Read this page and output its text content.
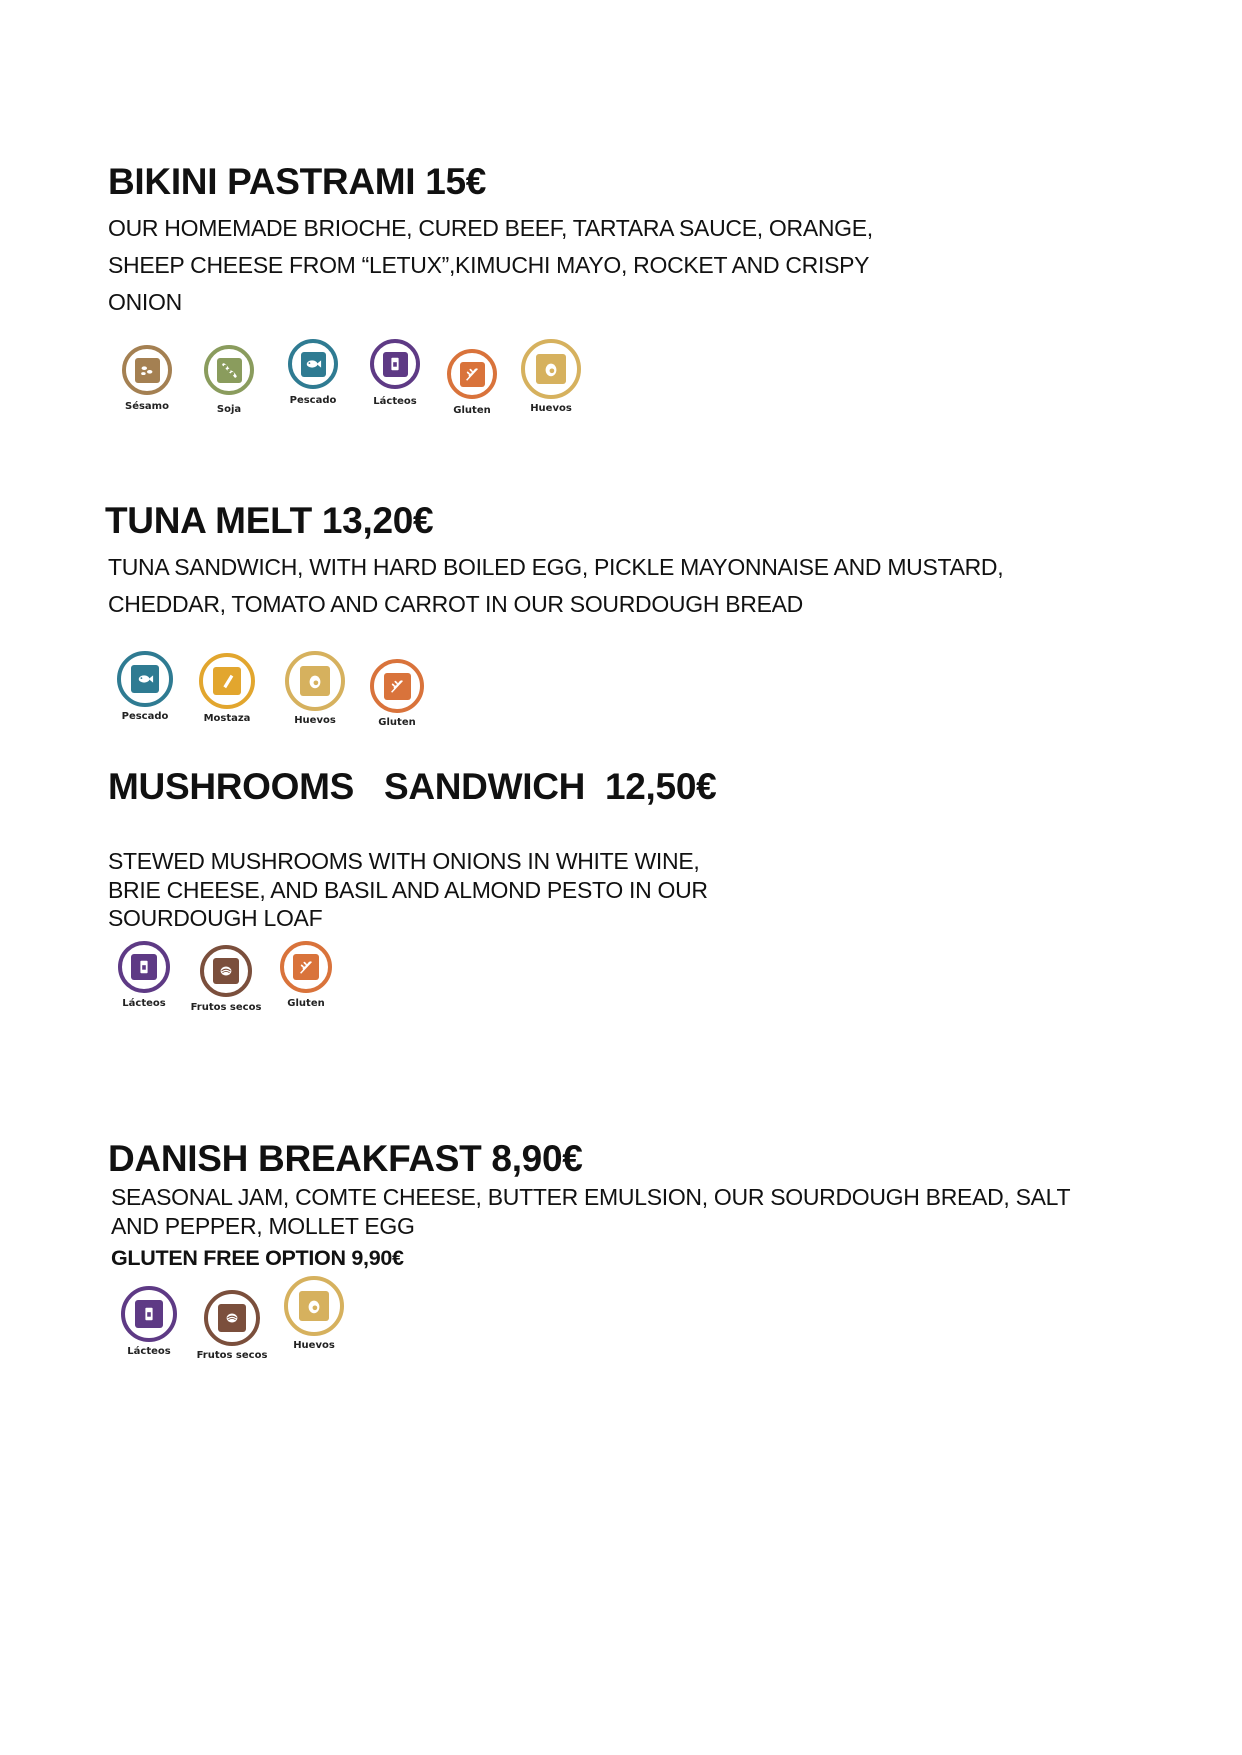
BIKINI PASTRAMI 15€

OUR HOMEMADE BRIOCHE, CURED BEEF, TARTARA SAUCE, ORANGE,
SHEEP CHEESE FROM “LETUX”,KIMUCHI MAYO, ROCKET AND CRISPY
ONION

Sésamo	Soja
Pescado	Lácteos
Gluten	Huevos
TUNA MELT 13,20€

TUNA SANDWICH, WITH HARD BOILED EGG, PICKLE MAYONNAISE AND MUSTARD,
CHEDDAR, TOMATO AND CARROT IN OUR SOURDOUGH BREAD

Pescado	Mostaza	Huevos	Gluten
MUSHROOMS   SANDWICH  12,50€

STEWED MUSHROOMS WITH ONIONS IN WHITE WINE,
BRIE CHEESE, AND BASIL AND ALMOND PESTO IN OUR
SOURDOUGH LOAF

Lácteos	Frutos secos	Gluten
DANISH BREAKFAST 8,90€

SEASONAL JAM, COMTE CHEESE, BUTTER EMULSION, OUR SOURDOUGH BREAD, SALT
AND PEPPER, MOLLET EGG

GLUTEN FREE OPTION 9,90€

Lácteos	Frutos secos
Huevos
